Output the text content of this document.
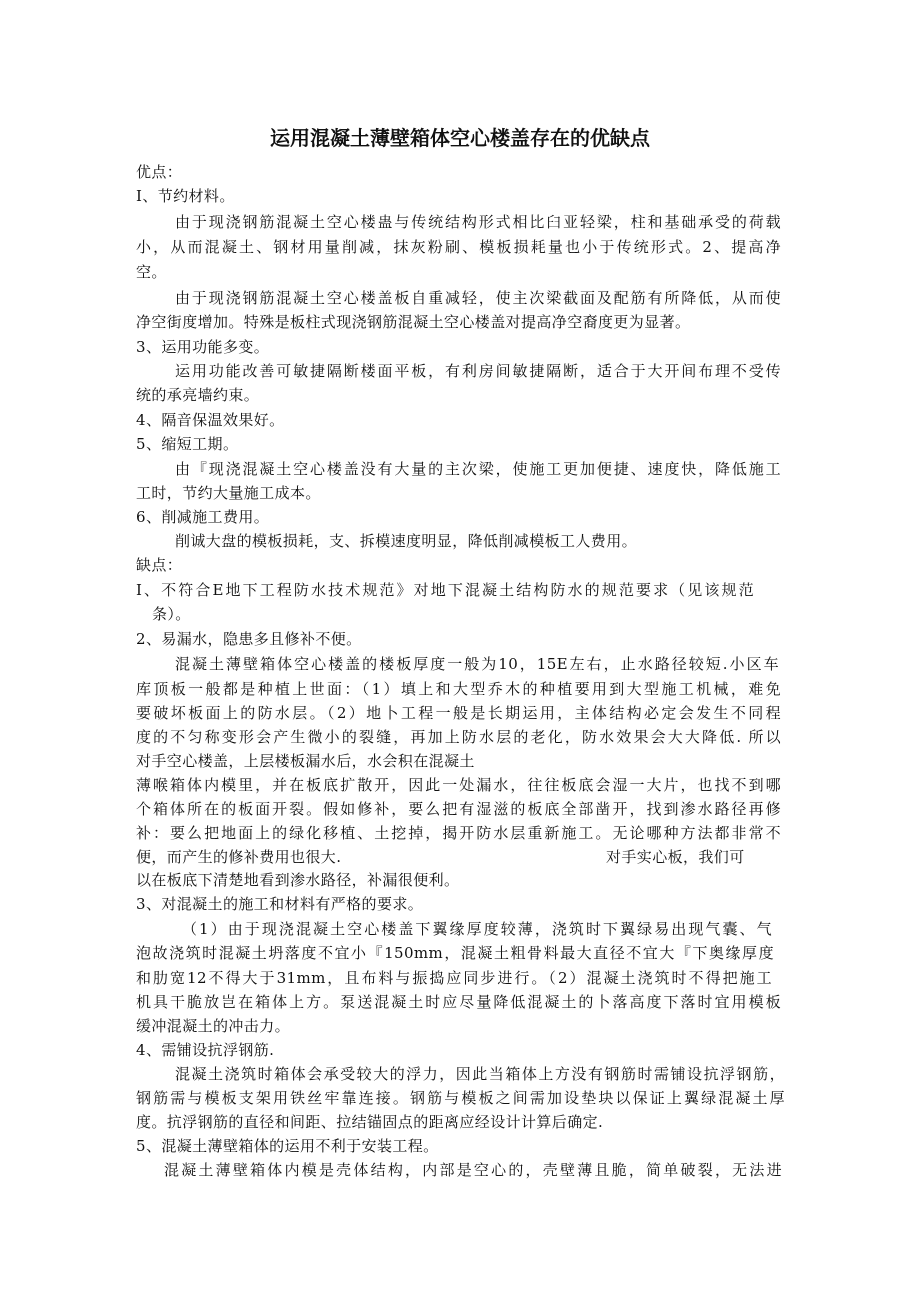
运用混凝土薄壁箱体空心楼盖存在的优缺点
优点：
I、节约材料。
由于现浇钢筋混凝土空心楼蛊与传统结构形式相比臼亚轻梁，柱和基础承受的荷载
小，从而混凝土、钢材用量削减，抹灰粉刷、模板损耗量也小于传统形式。2、提高净
空。
由于现浇钢筋混凝土空心楼盖板自重减轻，使主次梁截面及配筋有所降低，从而使
净空街度增加。特殊是板柱式现浇钢筋混凝土空心楼盖对提高净空裔度更为显著。
3、运用功能多变。
运用功能改善可敏捷隔断楼面平板，有利房间敏捷隔断，适合于大开间布理不受传
统的承亮墙约束。
4、隔音保温效果好。
5、缩短工期。
由『现浇混凝土空心楼盖没有大量的主次梁，使施工更加便捷、速度快，降低施工
工时，节约大量施工成本。
6、削减施工费用。
削诚大盘的模板损耗，支、拆模速度明显，降低削减模板工人费用。
缺点：
I、不符合E地下工程防水技术规范》对地下混凝土结构防水的规范要求（见该规范
条）。
2、易漏水，隐患多且修补不便。
混凝土薄壁箱体空心楼盖的楼板厚度一般为10，15E左右，止水路径较短.小区车
库顶板一般都是种植上世面：（1）填上和大型乔木的种植要用到大型施工机械，难免
要破坏板面上的防水层。（2）地卜工程一般是长期运用，主体结构必定会发生不同程
度的不匀称变形会产生微小的裂缝，再加上防水层的老化，防水效果会大大降低. 所以
对手空心楼盖，上层楼板漏水后，水会积在混凝土
薄喉箱体内模里，并在板底扩散开，因此一处漏水，往往板底会湿一大片，也找不到哪
个箱体所在的板面开裂。假如修补，要么把有湿滋的板底全部凿开，找到渗水路径再修
补：要么把地面上的绿化移植、土挖掉，揭开防水层重新施工。无论哪种方法都非常不
便，而产生的修补费用也很大.	对手实心板，我们可
以在板底下清楚地看到渗水路径，补漏很便利。
3、对混凝土的施工和材料有严格的要求。
（1）由于现浇混凝土空心楼盖下翼缘厚度较薄，浇筑时下翼绿易出现气囊、气
泡故浇筑时混凝土坍落度不宜小『150mm，混凝土粗骨料最大直径不宜大『下奥缘厚度
和肋宽12不得大于31mm，且布料与振捣应同步进行。（2）混凝土浇筑时不得把施工
机具干脆放岂在箱体上方。泵送混凝土时应尽量降低混凝土的卜落高度下落时宜用模板
缓冲混凝土的冲击力。
4、需铺设抗浮钢筋.
混凝土浇筑时箱体会承受较大的浮力，因此当箱体上方没有钢筋时需铺设抗浮钢筋，
钢筋需与模板支架用铁丝牢靠连接。钢筋与模板之间需加设垫块以保证上翼绿混凝土厚
度。抗浮钢筋的直径和间距、拉结锚固点的距离应经设计计算后确定.
5、混凝土薄壁箱体的运用不利于安装工程。
混凝土薄壁箱体内模是壳体结构，内部是空心的，壳壁薄且脆，简单破裂，无法进
